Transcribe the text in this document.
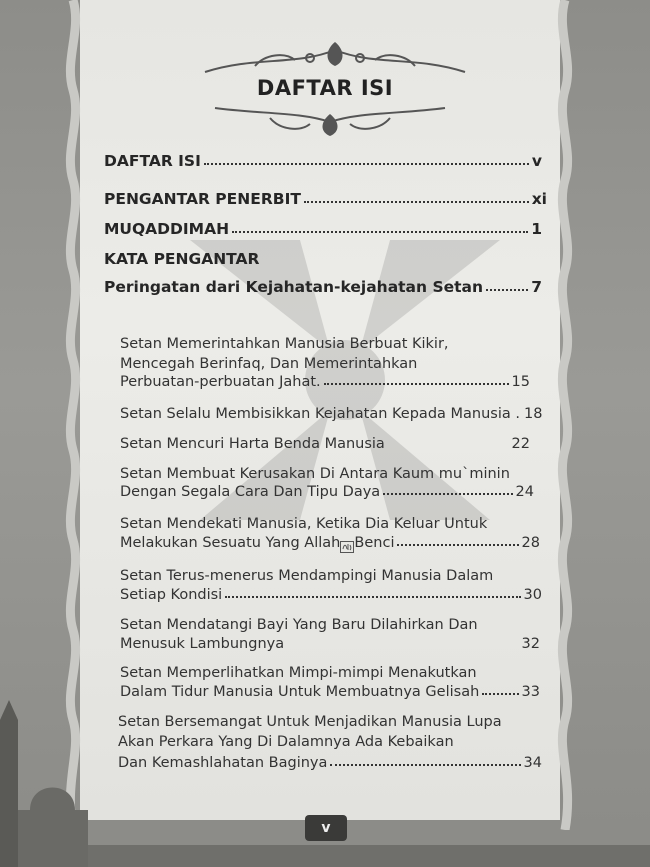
DAFTAR ISI
DAFTAR ISI	v
PENGANTAR PENERBIT	xi
MUQADDIMAH	1
KATA PENGANTAR
Peringatan dari Kejahatan-kejahatan Setan	7
Setan Memerintahkan Manusia Berbuat Kikir,
Mencegah Berinfaq, Dan Memerintahkan
Perbuatan-perbuatan Jahat.	15
Setan Selalu Membisikkan Kejahatan Kepada Manusia . 18
Setan Mencuri Harta Benda Manusia	22
Setan Membuat Kerusakan Di Antara Kaum mu`minin
Dengan Segala Cara Dan Tipu Daya	24
Setan Mendekati Manusia, Ketika Dia Keluar Untuk
Melakukan Sesuatu Yang Allah    Benci	28
Setan Terus-menerus Mendampingi Manusia Dalam
Setiap Kondisi	30
Setan Mendatangi Bayi Yang Baru Dilahirkan Dan
Menusuk Lambungnya	32
Setan Memperlihatkan Mimpi-mimpi Menakutkan
Dalam Tidur Manusia Untuk Membuatnya Gelisah	33
Setan Bersemangat Untuk Menjadikan Manusia Lupa
Akan Perkara Yang Di Dalamnya Ada Kebaikan
Dan Kemashlahatan Baginya	34
v
